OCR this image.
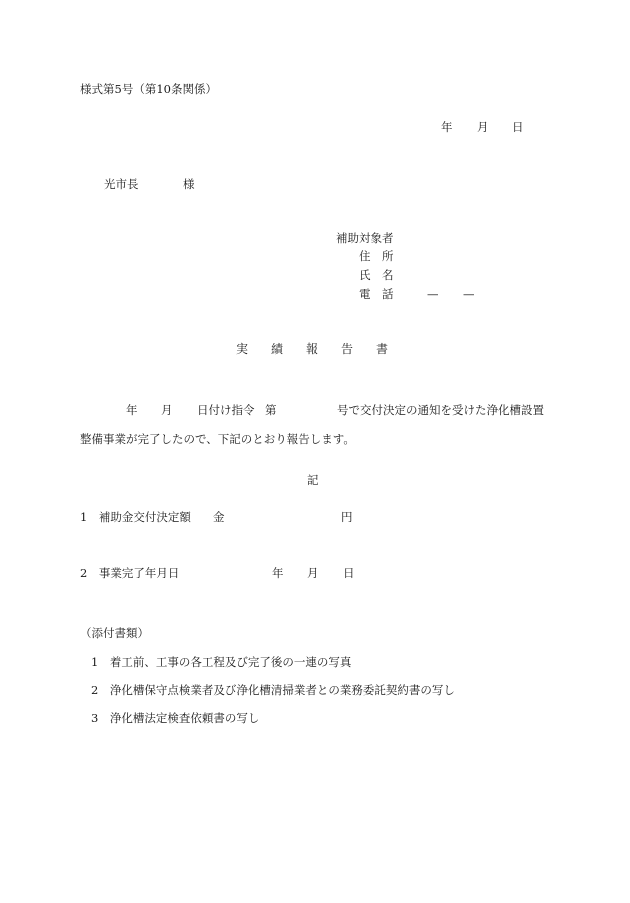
様式第5号（第10条関係）
年 月 日
光市長	様
補助対象者
住　所
氏　名
電　話	— —
実 績 報 告 書
年 月 日付け指令 第	号で交付決定の通知を受けた浄化槽設置
整備事業が完了したので、下記のとおり報告します。
記
1　補助金交付決定額 金	円
2　事業完了年月日	年 月 日
（添付書類）
1　着工前、工事の各工程及び完了後の一連の写真
2　浄化槽保守点検業者及び浄化槽清掃業者との業務委託契約書の写し
3　浄化槽法定検査依頼書の写し
